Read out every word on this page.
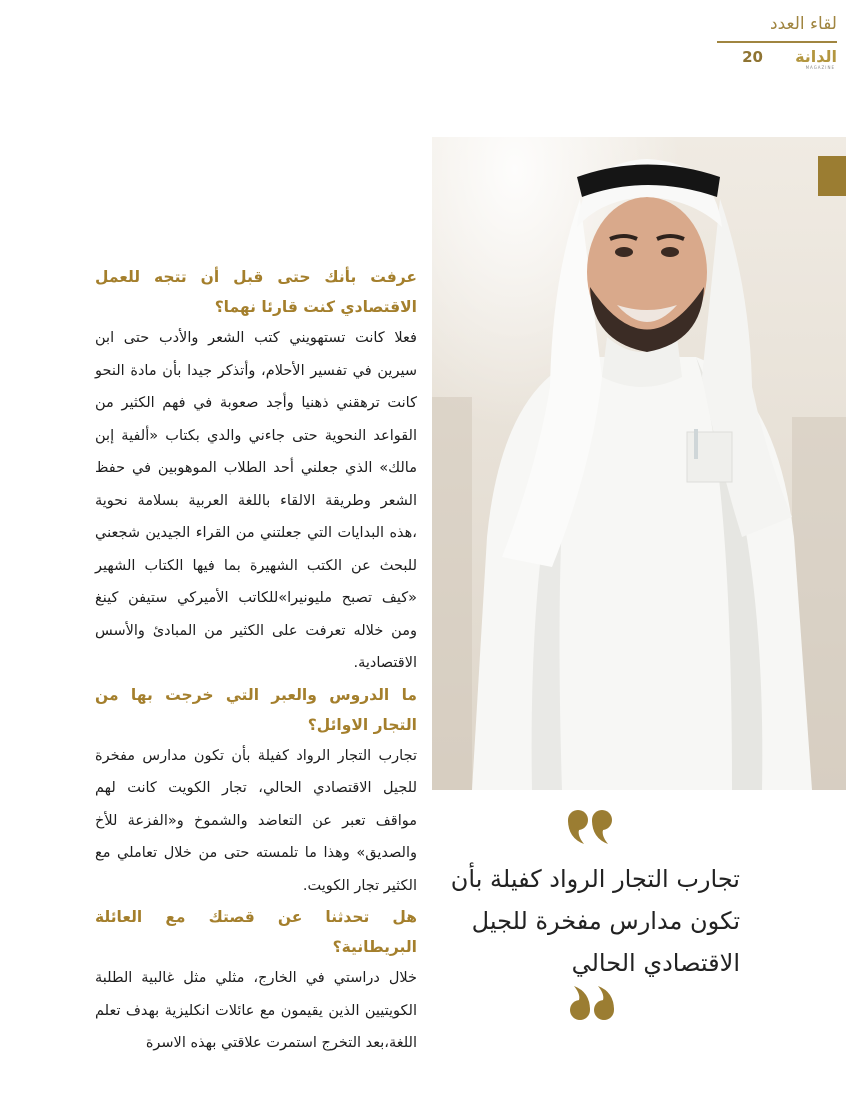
لقاء العدد
الدانة
MAGAZINE
20

عرفت بأنك حتى قبل أن تتجه للعمل الاقتصادي كنت قارئا نهما؟

فعلا كانت تستهويني كتب الشعر والأدب حتى ابن سيرين في تفسير الأحلام، وأتذكر جيدا بأن مادة النحو كانت ترهقني ذهنيا وأجد صعوبة في فهم الكثير من القواعد النحوية حتى جاءني والدي بكتاب «ألفية إبن مالك» الذي جعلني أحد الطلاب الموهوبين في حفظ الشعر وطريقة الالقاء باللغة العربية بسلامة نحوية ،هذه البدايات التي جعلتني من القراء الجيدين شجعني للبحث عن الكتب الشهيرة بما فيها الكتاب الشهير «كيف تصبح مليونيرا»للكاتب الأميركي ستيفن كينغ ومن خلاله تعرفت على الكثير من المبادئ والأسس الاقتصادية.

ما الدروس والعبر التي خرجت بها من التجار الاوائل؟

تجارب التجار الرواد كفيلة بأن تكون مدارس مفخرة للجيل الاقتصادي الحالي، تجار الكويت كانت لهم مواقف تعبر عن التعاضد والشموخ و«الفزعة للأخ والصديق» وهذا ما تلمسته حتى من خلال تعاملي مع الكثير تجار الكويت.

هل تحدثنا عن قصتك مع العائلة البريطانية؟

خلال دراستي في الخارج، مثلي مثل غالبية الطلبة الكويتيين الذين يقيمون مع عائلات انكليزية بهدف تعلم اللغة،بعد التخرج استمرت علاقتي بهذه الاسرة

تجارب التجار الرواد كفيلة بأن تكون مدارس مفخرة للجيل الاقتصادي الحالي
